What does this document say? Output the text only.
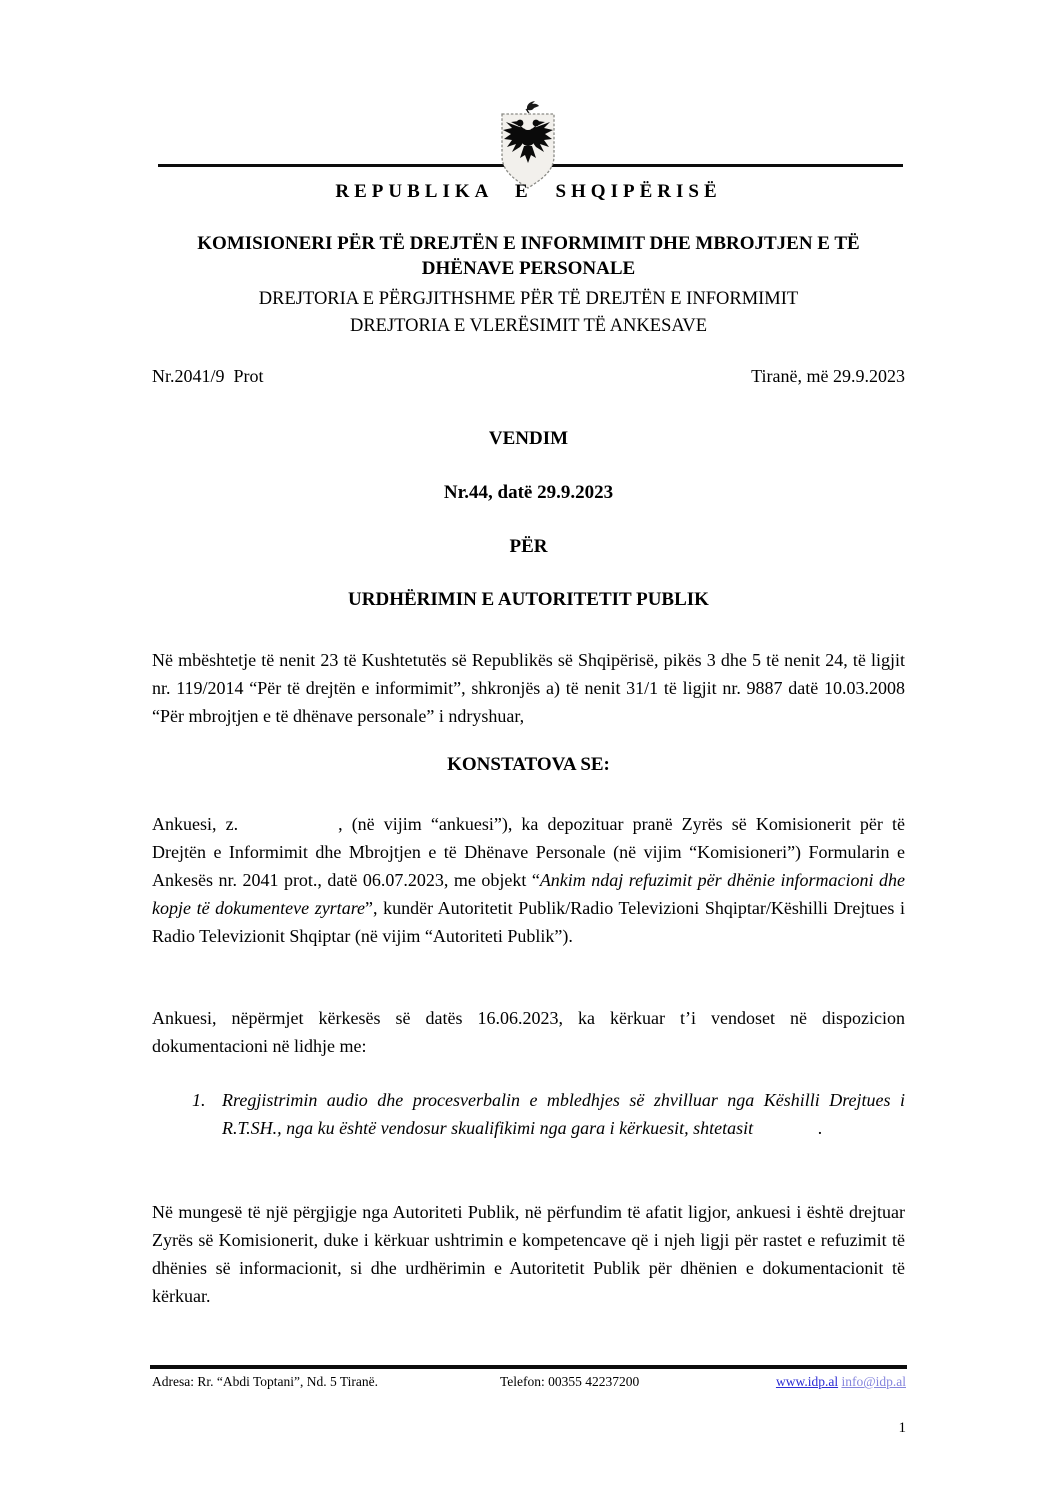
REPUBLIKA E SHQIPËRISË
KOMISIONERI PËR TË DREJTËN E INFORMIMIT DHE MBROJTJEN E TË DHËNAVE PERSONALE
DREJTORIA E PËRGJITHSHME PËR TË DREJTËN E INFORMIMIT
DREJTORIA E VLERËSIMIT TË ANKESAVE
Nr.2041/9  Prot	Tiranë, më 29.9.2023
VENDIM
Nr.44, datë 29.9.2023
PËR
URDHËRIMIN E AUTORITETIT PUBLIK
Në mbështetje të nenit 23 të Kushtetutës së Republikës së Shqipërisë, pikës 3 dhe 5 të nenit 24, të ligjit nr. 119/2014 “Për të drejtën e informimit”, shkronjës a) të nenit 31/1 të ligjit nr. 9887 datë 10.03.2008 “Për mbrojtjen e të dhënave personale” i ndryshuar,
KONSTATOVA SE:
Ankuesi, z.	, (në vijim “ankuesi”), ka depozituar pranë Zyrës së Komisionerit për të Drejtën e Informimit dhe Mbrojtjen e të Dhënave Personale (në vijim “Komisioneri”) Formularin e Ankesës nr. 2041 prot., datë 06.07.2023, me objekt “Ankim ndaj refuzimit për dhënie informacioni dhe kopje të dokumenteve zyrtare”, kundër Autoritetit Publik/Radio Televizioni Shqiptar/Këshilli Drejtues i Radio Televizionit Shqiptar (në vijim “Autoriteti Publik”).
Ankuesi, nëpërmjet kërkesës së datës 16.06.2023, ka kërkuar t’i vendoset në dispozicion dokumentacioni në lidhje me:
1. Rregjistrimin audio dhe procesverbalin e mbledhjes së zhvilluar nga Këshilli Drejtues i R.T.SH., nga ku është vendosur skualifikimi nga gara i kërkuesit, shtetasit	.
Në mungesë të një përgjigje nga Autoriteti Publik, në përfundim të afatit ligjor, ankuesi i është drejtuar Zyrës së Komisionerit, duke i kërkuar ushtrimin e kompetencave që i njeh ligji për rastet e refuzimit të dhënies së informacionit, si dhe urdhërimin e Autoritetit Publik për dhënien e dokumentacionit të kërkuar.
Adresa: Rr. “Abdi Toptani”, Nd. 5 Tiranë.	Telefon: 00355 42237200	www.idp.al info@idp.al
1
